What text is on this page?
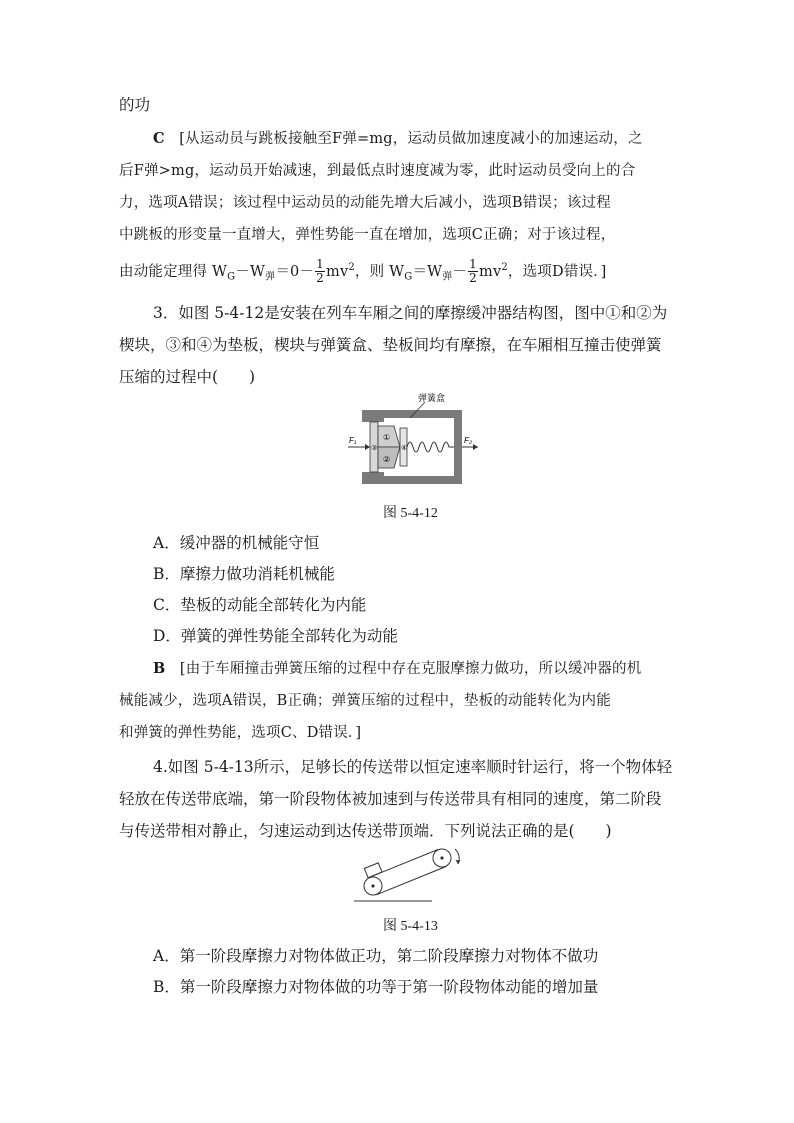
的功
C [从运动员与跳板接触至F弹=mg，运动员做加速度减小的加速运动，之
后F弹>mg，运动员开始减速，到最低点时速度减为零，此时运动员受向上的合
力，选项A错误；该过程中运动员的动能先增大后减小，选项B错误；该过程
中跳板的形变量一直增大，弹性势能一直在增加，选项C正确；对于该过程，
由动能定理得 $W_G-W_弹=0- \frac{1}{2} mv^2$，则 $W_G=W_弹- \frac{1}{2} mv^2$，选项D错误．]
3．如图 5-4-12是安装在列车车厢之间的摩擦缓冲器结构图，图中①和②为
楔块，③和④为垫板，楔块与弹簧盒、垫板间均有摩擦，在车厢相互撞击使弹簧
压缩的过程中(　　)
弹簧盒
F₁	F₂
①
②
③	④
图 5-4-12
A．缓冲器的机械能守恒
B．摩擦力做功消耗机械能
C．垫板的动能全部转化为内能
D．弹簧的弹性势能全部转化为动能
B [由于车厢撞击弹簧压缩的过程中存在克服摩擦力做功，所以缓冲器的机
械能减少，选项A错误，B正确；弹簧压缩的过程中，垫板的动能转化为内能
和弹簧的弹性势能，选项C、D错误．]
4.如图 5-4-13所示，足够长的传送带以恒定速率顺时针运行，将一个物体轻
轻放在传送带底端，第一阶段物体被加速到与传送带具有相同的速度，第二阶段
与传送带相对静止，匀速运动到达传送带顶端．下列说法正确的是(　　)
图 5-4-13
A．第一阶段摩擦力对物体做正功，第二阶段摩擦力对物体不做功
B．第一阶段摩擦力对物体做的功等于第一阶段物体动能的增加量
